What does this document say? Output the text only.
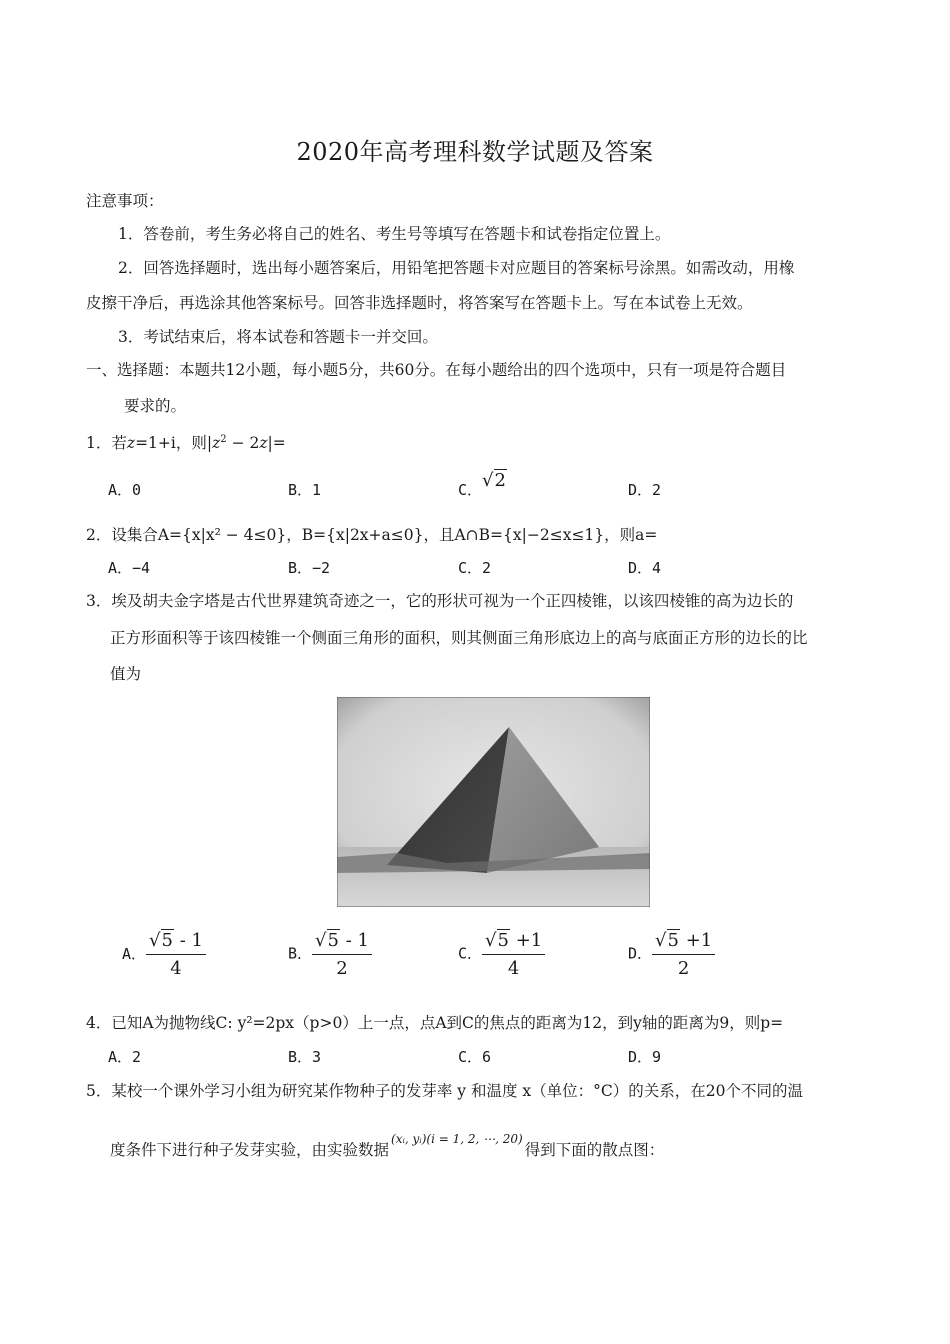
2020年高考理科数学试题及答案
注意事项：
1．答卷前，考生务必将自己的姓名、考生号等填写在答题卡和试卷指定位置上。
2．回答选择题时，选出每小题答案后，用铅笔把答题卡对应题目的答案标号涂黑。如需改动，用橡
皮擦干净后，再选涂其他答案标号。回答非选择题时，将答案写在答题卡上。写在本试卷上无效。
3．考试结束后，将本试卷和答题卡一并交回。
一、选择题：本题共12小题，每小题5分，共60分。在每小题给出的四个选项中，只有一项是符合题目
要求的。
1．若z=1+i，则$|z^2 - 2z|=$
A．0	B．1	C．√2	D．2
2．设集合A={x|x² − 4≤0}，B={x|2x+a≤0}，且A∩B={x|−2≤x≤1}，则a=
A．−4	B．−2	C．2	D．4
3．埃及胡夫金字塔是古代世界建筑奇迹之一，它的形状可视为一个正四棱锥，以该四棱锥的高为边长的
正方形面积等于该四棱锥一个侧面三角形的面积，则其侧面三角形底边上的高与底面正方形的边长的比
值为
A． $\frac{√5 - 1}{4}$	B． $\frac{√5 - 1}{2}$	C． $\frac{√5 +1}{4}$	D． $\frac{√5 +1}{2}$
4．已知A为抛物线C: y²=2px（p>0）上一点，点A到C的焦点的距离为12，到y轴的距离为9，则p=
A．2	B．3	C．6	D．9
5．某校一个课外学习小组为研究某作物种子的发芽率 y 和温度 x（单位：°C）的关系，在20个不同的温
度条件下进行种子发芽实验，由实验数据$^{(xᵢ, yᵢ)(i = 1, 2, \cdots, 20)}$得到下面的散点图：
